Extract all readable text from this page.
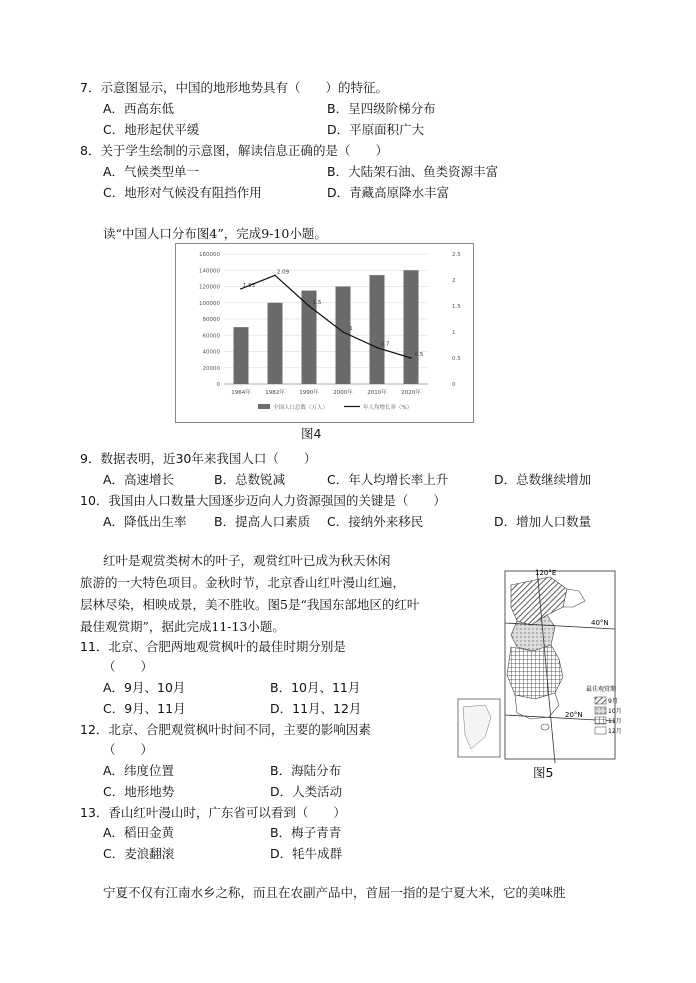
7．示意图显示，中国的地形地势具有（　　）的特征。
A．西高东低	B．呈四级阶梯分布
C．地形起伏平缓	D．平原面积广大
8．关于学生绘制的示意图，解读信息正确的是（　　）
A．气候类型单一	B．大陆架石油、鱼类资源丰富
C．地形对气候没有阻挡作用	D．青藏高原降水丰富
读“中国人口分布图4”，完成9-10小题。
0
20000
40000
60000
80000
100000
120000
140000
160000
0
0.5
1
1.5
2
2.5
1964年	1982年	1990年	2000年	2010年	2020年
1.83
2.09
1.5
1
0.7
0.5
全国人口总数（万人）	年人均增长率（%）
图4
9．数据表明，近30年来我国人口（　　）
A．高速增长	B．总数锐减	C．年人均增长率上升	D．总数继续增加
10．我国由人口数量大国逐步迈向人力资源强国的关键是（　　）
A．降低出生率 B．提高人口素质 C．接纳外来移民	D．增加人口数量
红叶是观赏类树木的叶子，观赏红叶已成为秋天休闲
旅游的一大特色项目。金秋时节，北京香山红叶漫山红遍，
层林尽染，相映成景，美不胜收。图5是“我国东部地区的红叶
最佳观赏期”，据此完成11-13小题。
11．北京、合肥两地观赏枫叶的最佳时期分别是
（　　）
A．9月、10月	B．10月、11月
C．9月、11月	D．11月、12月
12．北京、合肥观赏枫叶时间不同，主要的影响因素
（　　）
A．纬度位置	B．海陆分布
C．地形地势	D．人类活动
13．香山红叶漫山时，广东省可以看到（　　）
A．稻田金黄	B．梅子青青
C．麦浪翻滚	D．牦牛成群
宁夏不仅有江南水乡之称，而且在农副产品中，首屈一指的是宁夏大米，它的美味胜
120°E
40°N
20°N
最佳观赏期
9月
10月
11月
12月
图5
